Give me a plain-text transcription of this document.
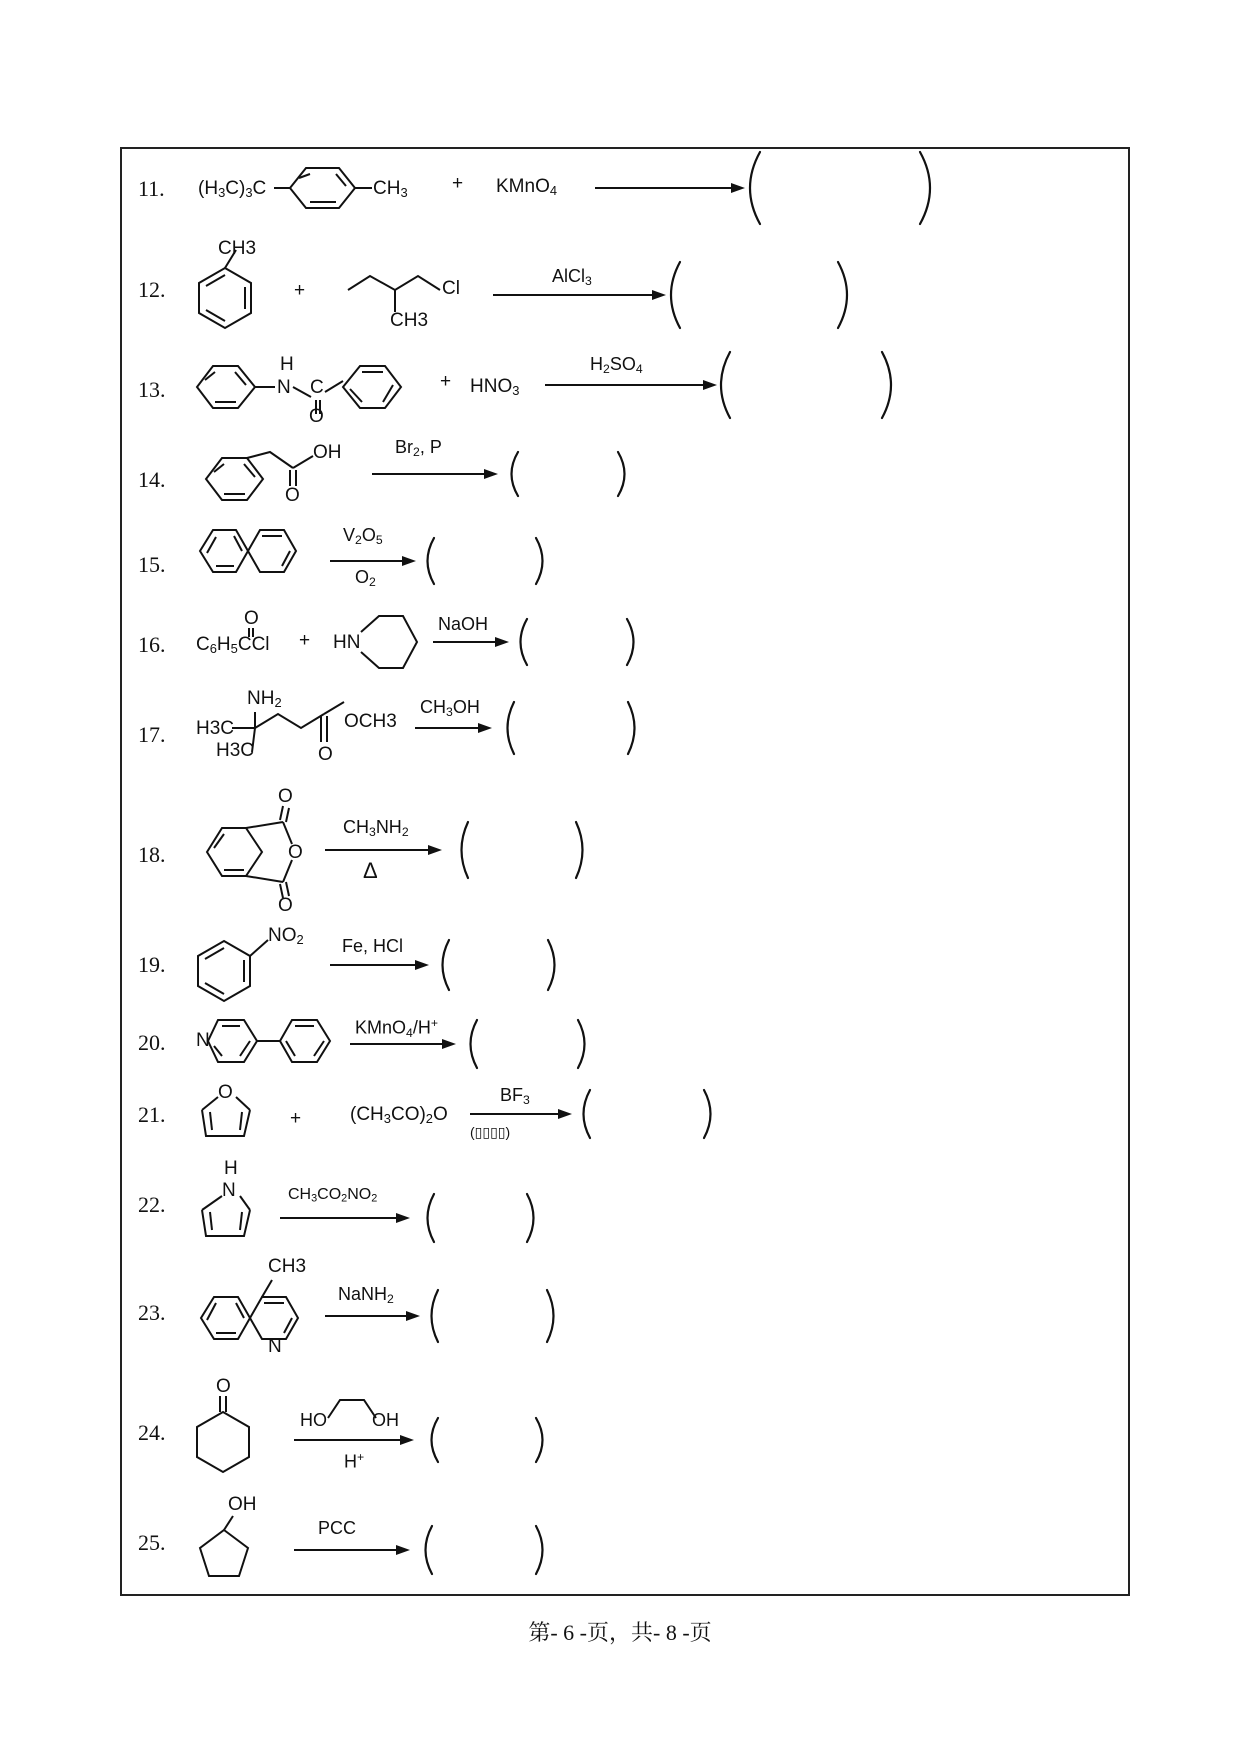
11.
12.
13.
14.
15.
16.
17.
18.
19.
20.
21.
22.
23.
24.
25.
$(H_3C)_3C$	$CH_3$ + KMnO$_4$
CH3
+	Cl
CH3
AlCl$_3$
H
N C
O
+ $HNO_3$
$H_2SO_4$
OH
O
$Br_2$, P
$V_2O_5$
$O_2$
$C_6H_5CCl$
O
+ HN
NaOH
$NH_2$
H3C
H3C
OCH3
O
$CH_3OH$
O
O
O
$CH_3NH_2$
Δ
$NO_2$ Fe, HCl
N
KMnO$_4$/H+
O
+	$(CH_3CO)_2O$
$BF_3$
(▯▯▯▯)
H
N	$CH_3CO_2NO_2$
CH3
N
NaNH$_2$
O
HO	OH
H+
OH
PCC
第- 6 -页，共- 8 -页
